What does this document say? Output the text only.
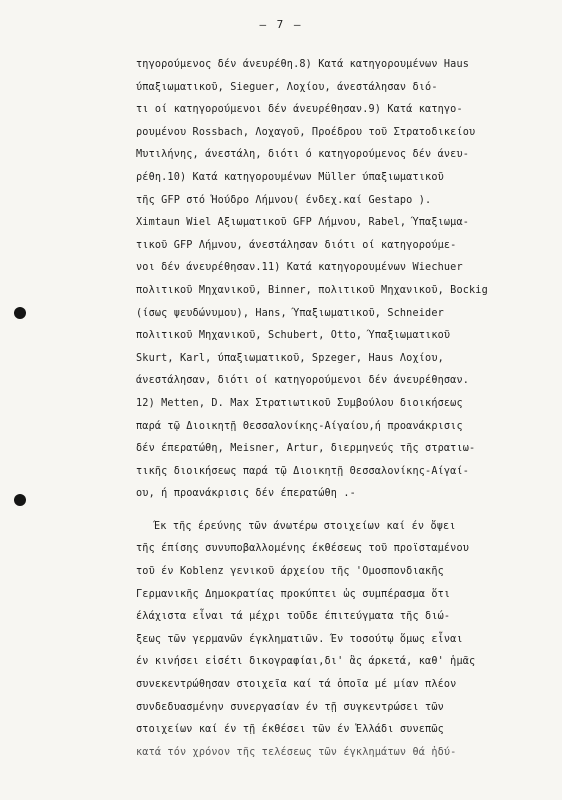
— 7 —
τηγορούμενος δέν άνευρέθη.8) Κατά κατηγορουμένων Haus
ύπαξιωματικοῦ, Sieguer, Λοχίου, άνεστάλησαν διό-
τι οί κατηγορούμενοι δέν άνευρέθησαν.9) Κατά κατηγο-
ρουμένου Rossbach, Λοχαγοῦ, Προέδρου τοῦ Στρατοδικείου
Μυτιλήνης, άνεστάλη, διότι ό κατηγορούμενος δέν άνευ-
ρέθη.10) Κατά κατηγορουμένων Müller ύπαξιωματικοῦ
τῆς GFP στό Ἡούδρο Λήμνου( ένδεχ.καί Gestapo ).
Ximtaun Wiel Αξιωματικοῦ GFP Λήμνου, Rabel, Ύπαξιωμα-
τικοῦ GFP Λήμνου, άνεστάλησαν διότι οί κατηγορούμε-
νοι δέν άνευρέθησαν.11) Κατά κατηγορουμένων Wiechuer
πολιτικοῦ Μηχανικοῦ, Binner, πολιτικοῦ Μηχανικοῦ, Bockig
(ίσως ψευδώνυμου), Hans, Ύπαξιωματικοῦ, Schneider
πολιτικοῦ Μηχανικοῦ, Schubert, Otto, Ύπαξιωματικοῦ
Skurt, Karl, ύπαξιωματικοῦ, Spzeger, Haus Λοχίου,
άνεστάλησαν, διότι οί κατηγορούμενοι δέν άνευρέθησαν.
12) Metten, D. Max Στρατιωτικοῦ Συμβούλου διοικήσεως
παρά τῷ Διοικητῇ Θεσσαλονίκης-Αίγαίου,ή προανάκρισις
δέν έπερατώθη, Meisner, Artur, διερμηνεύς τῆς στρατιω-
τικῆς διοικήσεως παρά τῷ Διοικητῇ Θεσσαλονίκης-Αίγαί-
ου, ή προανάκρισις δέν έπερατώθη .-
Έκ τῆς έρεύνης τῶν άνωτέρω στοιχείων καί έν ὄψει
τῆς έπίσης συνυποβαλλομένης έκθέσεως τοῦ προϊσταμένου
τοῦ έν Koblenz γενικοῦ άρχείου τῆς 'Ομοσπονδιακῆς
Γερμανικῆς Δημοκρατίας προκύπτει ὡς συμπέρασμα ὅτι
έλάχιστα εἶναι τά μέχρι τοῦδε έπιτεύγματα τῆς διώ-
ξεως τῶν γερμανῶν έγκληματιῶν. Έν τοσούτῳ ὅμως εἶναι
έν κινήσει εἰσέτι δικογραφίαι,δι' ἃς άρκετά, καθ' ἡμᾶς
συνεκεντρώθησαν στοιχεῖα καί τά ὁποῖα μέ μίαν πλέον
συνδεδυασμένην συνεργασίαν έν τῇ συγκεντρώσει τῶν
στοιχείων καί έν τῇ έκθέσει τῶν έν Ἑλλάδι συνεπῶς
κατά τόν χρόνον τῆς τελέσεως τῶν έγκλημάτων θά ἠδύ-
